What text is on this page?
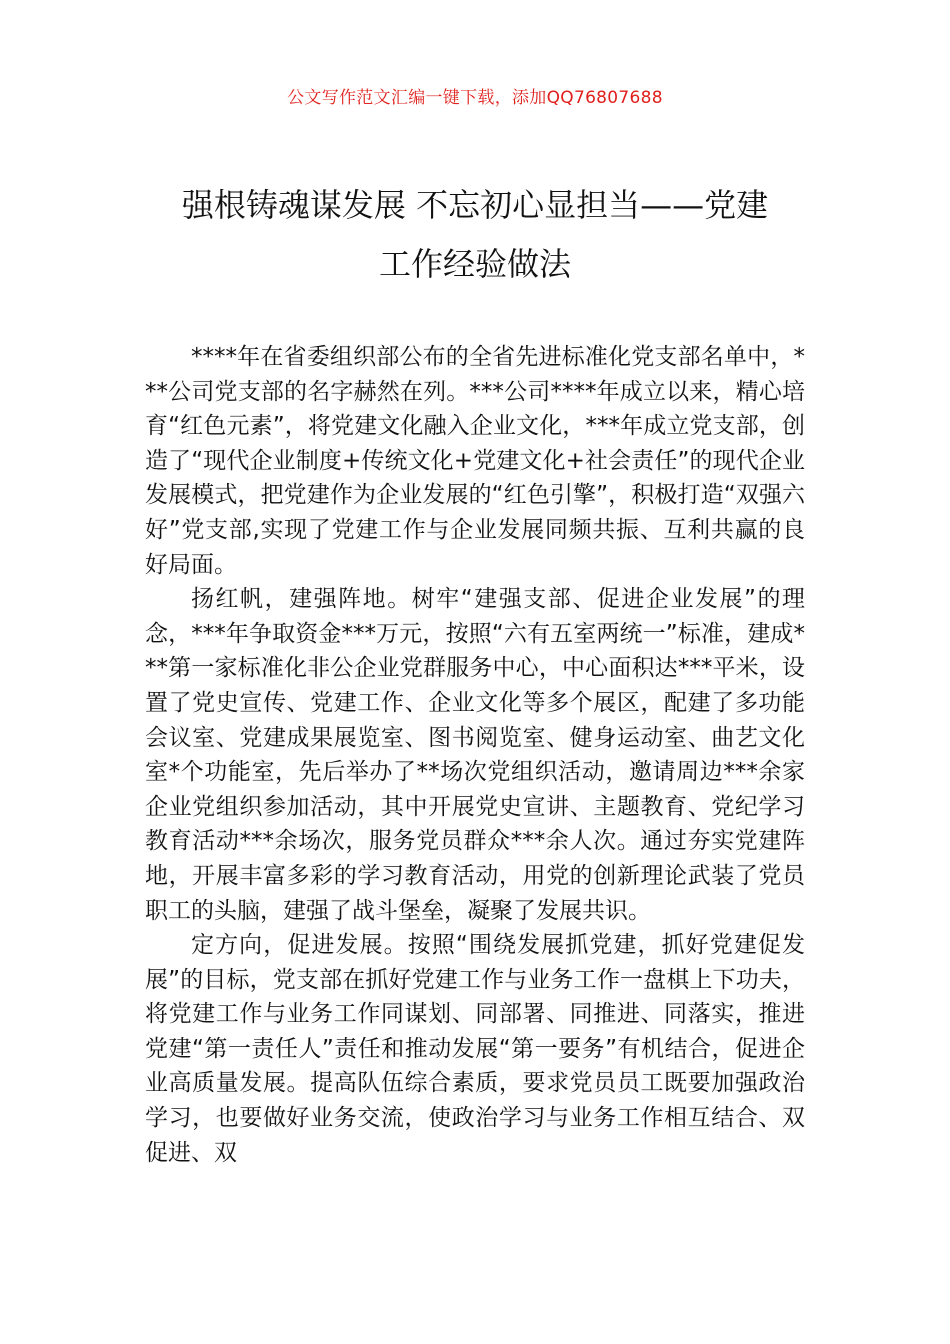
公文写作范文汇编一键下载，添加QQ76807688
强根铸魂谋发展 不忘初心显担当——党建
工作经验做法

****年在省委组织部公布的全省先进标准化党支部名单中，***公司党支部的名字赫然在列。***公司****年成立以来，精心培育“红色元素”，将党建文化融入企业文化，***年成立党支部，创造了“现代企业制度+传统文化+党建文化+社会责任”的现代企业发展模式，把党建作为企业发展的“红色引擎”，积极打造“双强六好”党支部,实现了党建工作与企业发展同频共振、互利共赢的良好局面。

扬红帆，建强阵地。树牢“建强支部、促进企业发展”的理念，***年争取资金***万元，按照“六有五室两统一”标准，建成***第一家标准化非公企业党群服务中心，中心面积达***平米，设置了党史宣传、党建工作、企业文化等多个展区，配建了多功能会议室、党建成果展览室、图书阅览室、健身运动室、曲艺文化室*个功能室，先后举办了**场次党组织活动，邀请周边***余家企业党组织参加活动，其中开展党史宣讲、主题教育、党纪学习教育活动***余场次，服务党员群众***余人次。通过夯实党建阵地，开展丰富多彩的学习教育活动，用党的创新理论武装了党员职工的头脑，建强了战斗堡垒，凝聚了发展共识。

定方向，促进发展。按照“围绕发展抓党建，抓好党建促发展”的目标，党支部在抓好党建工作与业务工作一盘棋上下功夫，将党建工作与业务工作同谋划、同部署、同推进、同落实，推进党建“第一责任人”责任和推动发展“第一要务”有机结合，促进企业高质量发展。提高队伍综合素质，要求党员员工既要加强政治学习，也要做好业务交流，使政治学习与业务工作相互结合、双促进、双
